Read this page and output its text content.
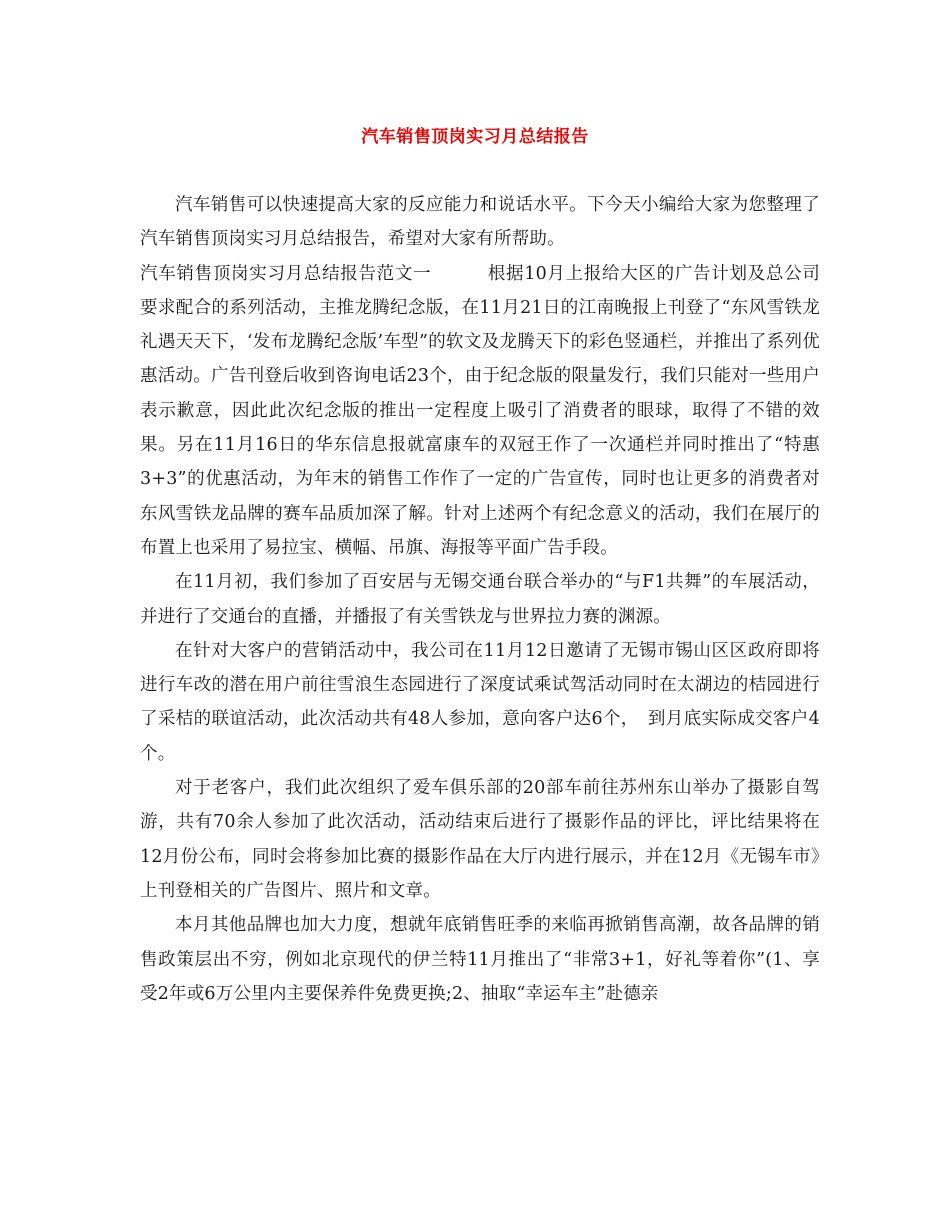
汽车销售顶岗实习月总结报告

汽车销售可以快速提高大家的反应能力和说话水平。下今天小编给大家为您整理了汽车销售顶岗实习月总结报告，希望对大家有所帮助。

汽车销售顶岗实习月总结报告范文一	根据10月上报给大区的广告计划及总公司要求配合的系列活动，主推龙腾纪念版，在11月21日的江南晚报上刊登了“东风雪铁龙礼遇天天下，‘发布龙腾纪念版’车型”的软文及龙腾天下的彩色竖通栏，并推出了系列优惠活动。广告刊登后收到咨询电话23个，由于纪念版的限量发行，我们只能对一些用户表示歉意，因此此次纪念版的推出一定程度上吸引了消费者的眼球，取得了不错的效果。另在11月16日的华东信息报就富康车的双冠王作了一次通栏并同时推出了“特惠3+3”的优惠活动，为年末的销售工作作了一定的广告宣传，同时也让更多的消费者对东风雪铁龙品牌的赛车品质加深了解。针对上述两个有纪念意义的活动，我们在展厅的布置上也采用了易拉宝、横幅、吊旗、海报等平面广告手段。

在11月初，我们参加了百安居与无锡交通台联合举办的“与F1共舞”的车展活动，并进行了交通台的直播，并播报了有关雪铁龙与世界拉力赛的渊源。

在针对大客户的营销活动中，我公司在11月12日邀请了无锡市锡山区区政府即将进行车改的潜在用户前往雪浪生态园进行了深度试乘试驾活动同时在太湖边的桔园进行了采桔的联谊活动，此次活动共有48人参加，意向客户达6个，　到月底实际成交客户4个。

对于老客户，我们此次组织了爱车俱乐部的20部车前往苏州东山举办了摄影自驾游，共有70余人参加了此次活动，活动结束后进行了摄影作品的评比，评比结果将在12月份公布，同时会将参加比赛的摄影作品在大厅内进行展示，并在12月《无锡车市》上刊登相关的广告图片、照片和文章。

本月其他品牌也加大力度，想就年底销售旺季的来临再掀销售高潮，故各品牌的销售政策层出不穷，例如北京现代的伊兰特11月推出了“非常3+1，好礼等着你”(1、享受2年或6万公里内主要保养件免费更换;2、抽取“幸运车主”赴德亲
